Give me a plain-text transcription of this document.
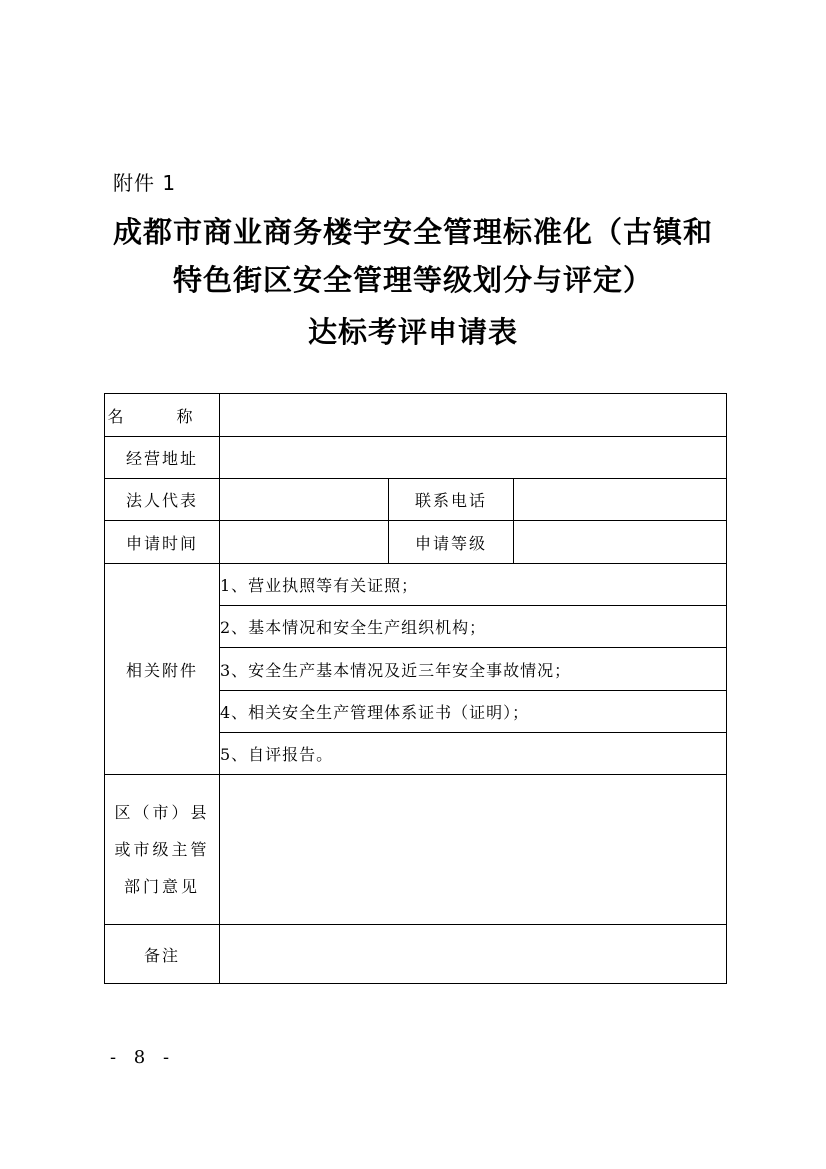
附件 1
成都市商业商务楼宇安全管理标准化（古镇和
特色街区安全管理等级划分与评定）
达标考评申请表
名 称			
经营地址			
法人代表		联系电话	
申请时间		申请等级	
相关附件	1、营业执照等有关证照；		
	2、基本情况和安全生产组织机构；		
	3、安全生产基本情况及近三年安全事故情况；		
	4、相关安全生产管理体系证书（证明）；		
	5、自评报告。		

区（市）县
或市级主管
部门意见			

备注			
- 8 -
